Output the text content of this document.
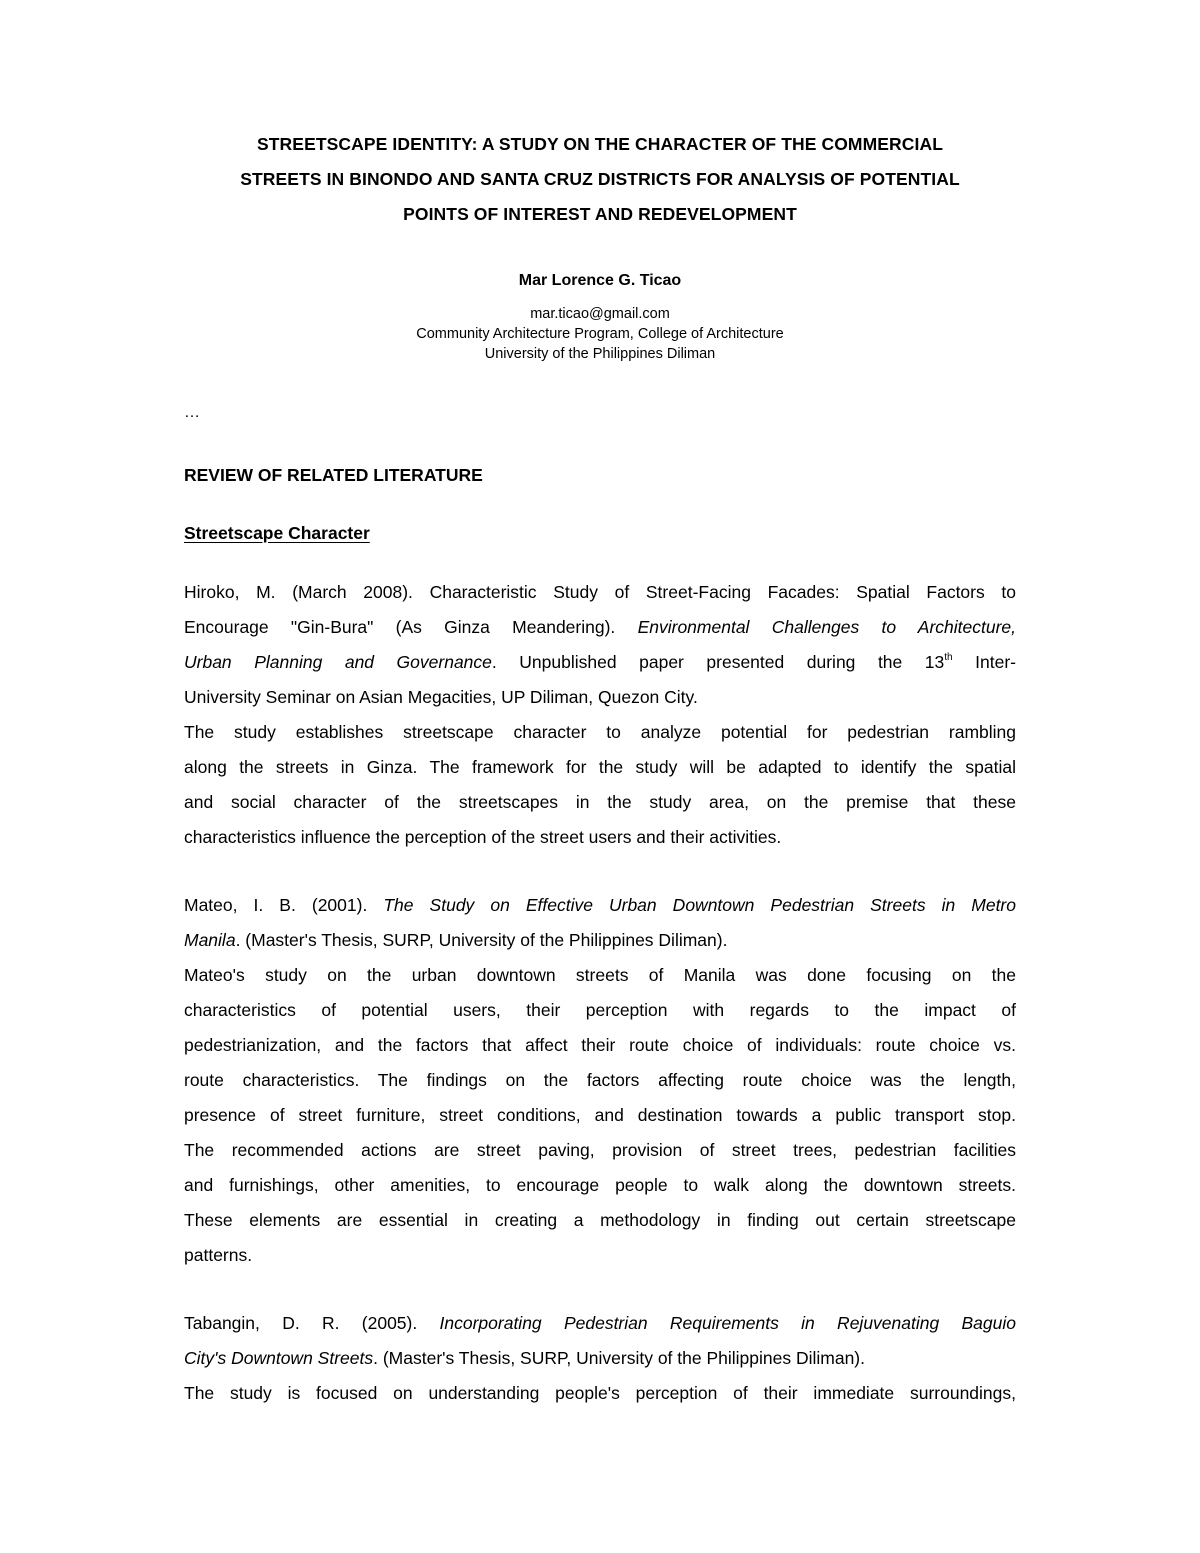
STREETSCAPE IDENTITY: A STUDY ON THE CHARACTER OF THE COMMERCIAL
STREETS IN BINONDO AND SANTA CRUZ DISTRICTS FOR ANALYSIS OF POTENTIAL
POINTS OF INTEREST AND REDEVELOPMENT
Mar Lorence G. Ticao
mar.ticao@gmail.com
Community Architecture Program, College of Architecture
University of the Philippines Diliman
…
REVIEW OF RELATED LITERATURE
Streetscape Character
Hiroko, M. (March 2008). Characteristic Study of Street-Facing Facades: Spatial Factors to
Encourage "Gin-Bura" (As Ginza Meandering). Environmental Challenges to Architecture,
Urban Planning and Governance. Unpublished paper presented during the 13th Inter-
University Seminar on Asian Megacities, UP Diliman, Quezon City.
The study establishes streetscape character to analyze potential for pedestrian rambling
along the streets in Ginza. The framework for the study will be adapted to identify the spatial
and social character of the streetscapes in the study area, on the premise that these
characteristics influence the perception of the street users and their activities.
Mateo, I. B. (2001). The Study on Effective Urban Downtown Pedestrian Streets in Metro
Manila. (Master's Thesis, SURP, University of the Philippines Diliman).
Mateo's study on the urban downtown streets of Manila was done focusing on the
characteristics of potential users, their perception with regards to the impact of
pedestrianization, and the factors that affect their route choice of individuals: route choice vs.
route characteristics. The findings on the factors affecting route choice was the length,
presence of street furniture, street conditions, and destination towards a public transport stop.
The recommended actions are street paving, provision of street trees, pedestrian facilities
and furnishings, other amenities, to encourage people to walk along the downtown streets.
These elements are essential in creating a methodology in finding out certain streetscape
patterns.
Tabangin, D. R. (2005). Incorporating Pedestrian Requirements in Rejuvenating Baguio
City's Downtown Streets. (Master's Thesis, SURP, University of the Philippines Diliman).
The study is focused on understanding people's perception of their immediate surroundings,
